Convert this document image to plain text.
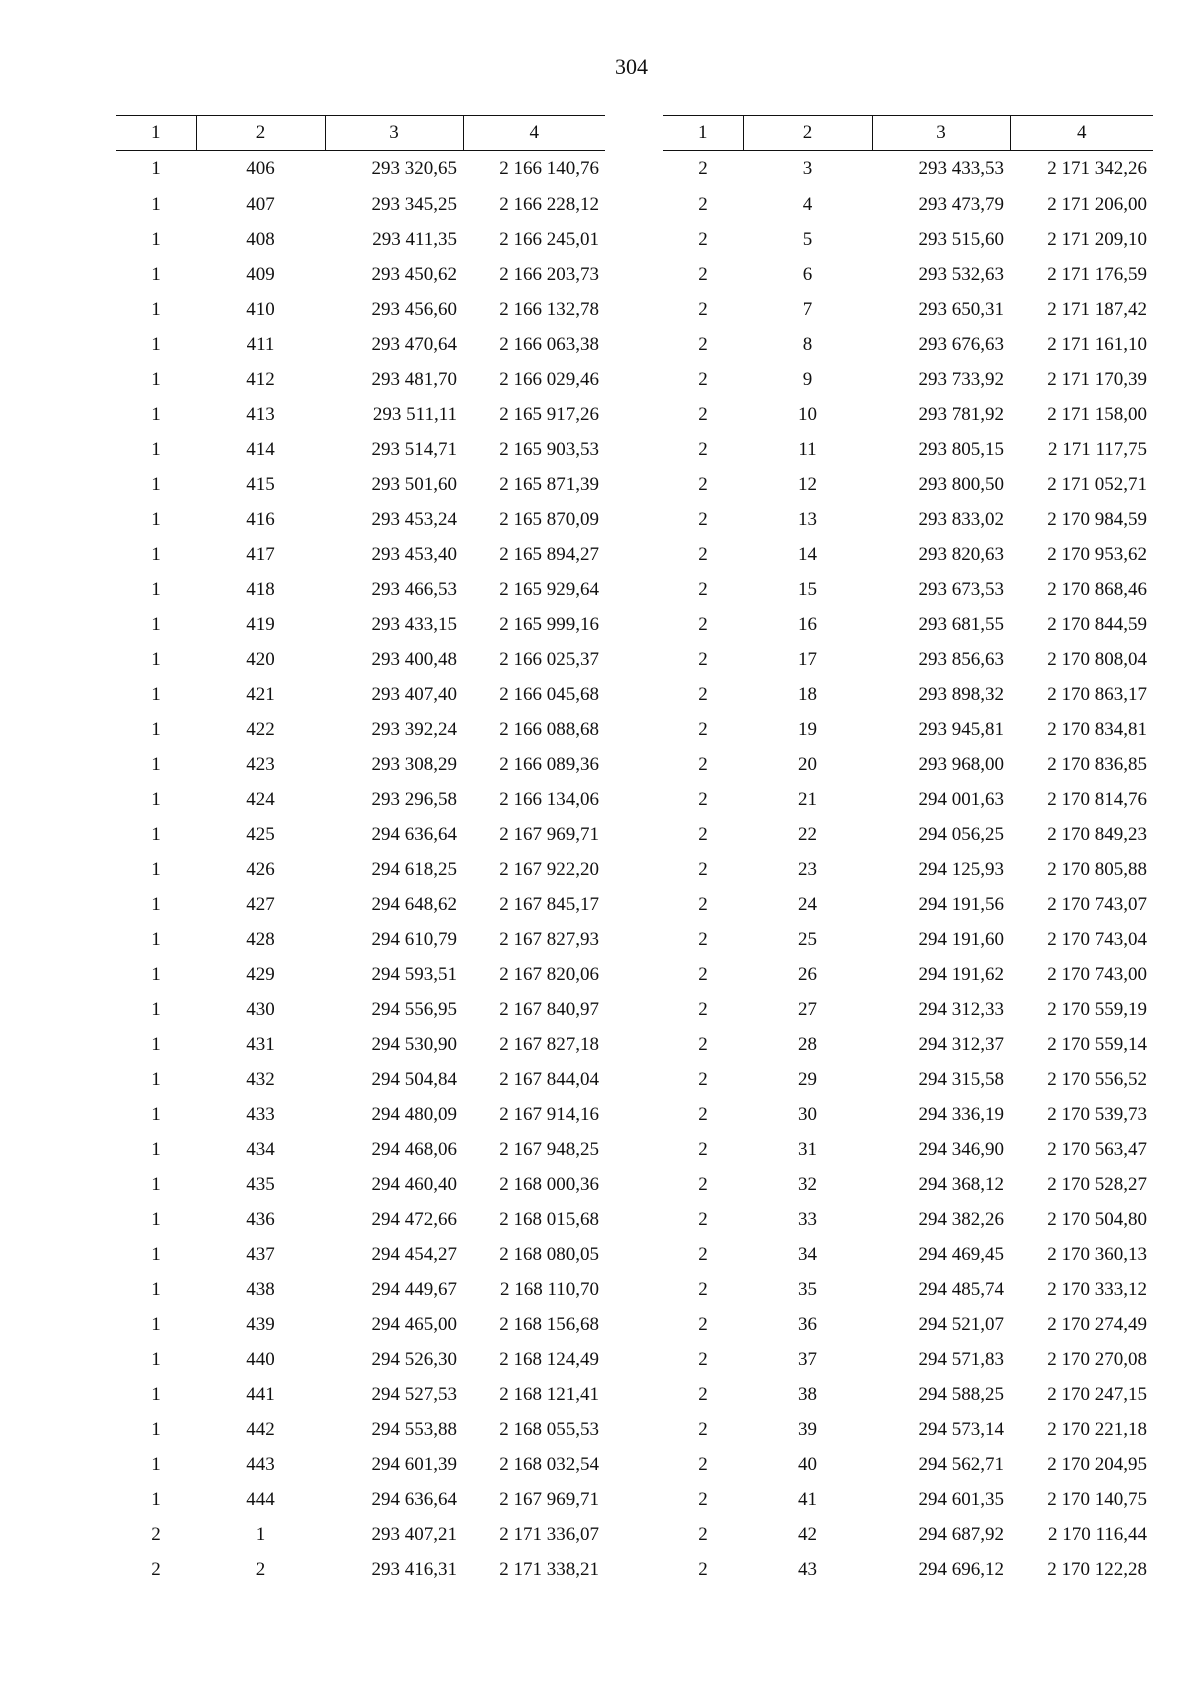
304
1	2	3	4
1	406	293 320,65	2 166 140,76
1	407	293 345,25	2 166 228,12
1	408	293 411,35	2 166 245,01
1	409	293 450,62	2 166 203,73
1	410	293 456,60	2 166 132,78
1	411	293 470,64	2 166 063,38
1	412	293 481,70	2 166 029,46
1	413	293 511,11	2 165 917,26
1	414	293 514,71	2 165 903,53
1	415	293 501,60	2 165 871,39
1	416	293 453,24	2 165 870,09
1	417	293 453,40	2 165 894,27
1	418	293 466,53	2 165 929,64
1	419	293 433,15	2 165 999,16
1	420	293 400,48	2 166 025,37
1	421	293 407,40	2 166 045,68
1	422	293 392,24	2 166 088,68
1	423	293 308,29	2 166 089,36
1	424	293 296,58	2 166 134,06
1	425	294 636,64	2 167 969,71
1	426	294 618,25	2 167 922,20
1	427	294 648,62	2 167 845,17
1	428	294 610,79	2 167 827,93
1	429	294 593,51	2 167 820,06
1	430	294 556,95	2 167 840,97
1	431	294 530,90	2 167 827,18
1	432	294 504,84	2 167 844,04
1	433	294 480,09	2 167 914,16
1	434	294 468,06	2 167 948,25
1	435	294 460,40	2 168 000,36
1	436	294 472,66	2 168 015,68
1	437	294 454,27	2 168 080,05
1	438	294 449,67	2 168 110,70
1	439	294 465,00	2 168 156,68
1	440	294 526,30	2 168 124,49
1	441	294 527,53	2 168 121,41
1	442	294 553,88	2 168 055,53
1	443	294 601,39	2 168 032,54
1	444	294 636,64	2 167 969,71
2	1	293 407,21	2 171 336,07
2	2	293 416,31	2 171 338,21
1	2	3	4
2	3	293 433,53	2 171 342,26
2	4	293 473,79	2 171 206,00
2	5	293 515,60	2 171 209,10
2	6	293 532,63	2 171 176,59
2	7	293 650,31	2 171 187,42
2	8	293 676,63	2 171 161,10
2	9	293 733,92	2 171 170,39
2	10	293 781,92	2 171 158,00
2	11	293 805,15	2 171 117,75
2	12	293 800,50	2 171 052,71
2	13	293 833,02	2 170 984,59
2	14	293 820,63	2 170 953,62
2	15	293 673,53	2 170 868,46
2	16	293 681,55	2 170 844,59
2	17	293 856,63	2 170 808,04
2	18	293 898,32	2 170 863,17
2	19	293 945,81	2 170 834,81
2	20	293 968,00	2 170 836,85
2	21	294 001,63	2 170 814,76
2	22	294 056,25	2 170 849,23
2	23	294 125,93	2 170 805,88
2	24	294 191,56	2 170 743,07
2	25	294 191,60	2 170 743,04
2	26	294 191,62	2 170 743,00
2	27	294 312,33	2 170 559,19
2	28	294 312,37	2 170 559,14
2	29	294 315,58	2 170 556,52
2	30	294 336,19	2 170 539,73
2	31	294 346,90	2 170 563,47
2	32	294 368,12	2 170 528,27
2	33	294 382,26	2 170 504,80
2	34	294 469,45	2 170 360,13
2	35	294 485,74	2 170 333,12
2	36	294 521,07	2 170 274,49
2	37	294 571,83	2 170 270,08
2	38	294 588,25	2 170 247,15
2	39	294 573,14	2 170 221,18
2	40	294 562,71	2 170 204,95
2	41	294 601,35	2 170 140,75
2	42	294 687,92	2 170 116,44
2	43	294 696,12	2 170 122,28
